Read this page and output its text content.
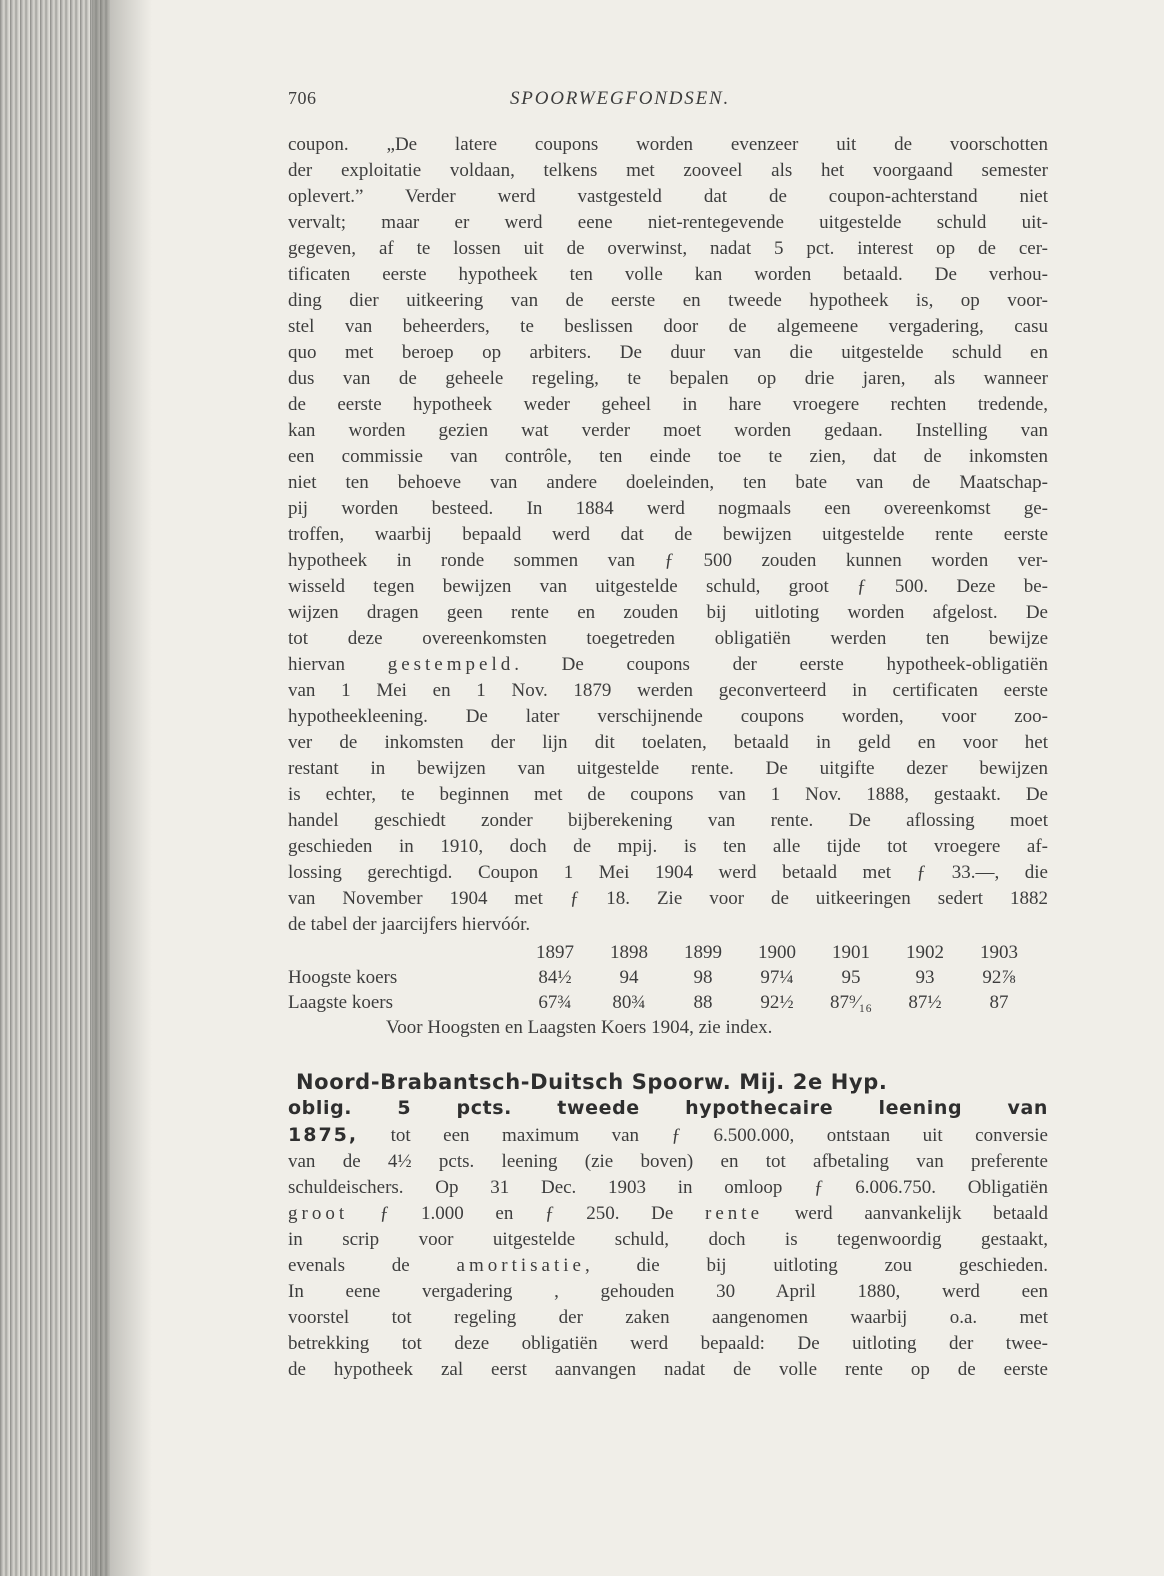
706	SPOORWEGFONDSEN.
coupon. „De latere coupons worden evenzeer uit de voorschotten
der exploitatie voldaan, telkens met zooveel als het voorgaand semester
oplevert.” Verder werd vastgesteld dat de coupon-achterstand niet
vervalt; maar er werd eene niet-rentegevende uitgestelde schuld uit-
gegeven, af te lossen uit de overwinst, nadat 5 pct. interest op de cer-
tificaten eerste hypotheek ten volle kan worden betaald. De verhou-
ding dier uitkeering van de eerste en tweede hypotheek is, op voor-
stel van beheerders, te beslissen door de algemeene vergadering, casu
quo met beroep op arbiters. De duur van die uitgestelde schuld en
dus van de geheele regeling, te bepalen op drie jaren, als wanneer
de eerste hypotheek weder geheel in hare vroegere rechten tredende,
kan worden gezien wat verder moet worden gedaan. Instelling van
een commissie van contrôle, ten einde toe te zien, dat de inkomsten
niet ten behoeve van andere doeleinden, ten bate van de Maatschap-
pij worden besteed. In 1884 werd nogmaals een overeenkomst ge-
troffen, waarbij bepaald werd dat de bewijzen uitgestelde rente eerste
hypotheek in ronde sommen van ƒ 500 zouden kunnen worden ver-
wisseld tegen bewijzen van uitgestelde schuld, groot ƒ 500. Deze be-
wijzen dragen geen rente en zouden bij uitloting worden afgelost. De
tot deze overeenkomsten toegetreden obligatiën werden ten bewijze
hiervan gestempeld. De coupons der eerste hypotheek-obligatiën
van 1 Mei en 1 Nov. 1879 werden geconverteerd in certificaten eerste
hypotheekleening. De later verschijnende coupons worden, voor zoo-
ver de inkomsten der lijn dit toelaten, betaald in geld en voor het
restant in bewijzen van uitgestelde rente. De uitgifte dezer bewijzen
is echter, te beginnen met de coupons van 1 Nov. 1888, gestaakt. De
handel geschiedt zonder bijberekening van rente. De aflossing moet
geschieden in 1910, doch de mpij. is ten alle tijde tot vroegere af-
lossing gerechtigd. Coupon 1 Mei 1904 werd betaald met ƒ 33.—, die
van November 1904 met ƒ 18. Zie voor de uitkeeringen sedert 1882
de tabel der jaarcijfers hiervóór.
	1897	1898	1899	1900	1901	1902	1903
Hoogste koers	84½	94	98	97¼	95	93	92⅞
Laagste koers	67¾	80¾	88	92½	87⁹⁄₁₆	87½	87
Voor Hoogsten en Laagsten Koers 1904, zie index.
Noord-Brabantsch-Duitsch Spoorw. Mij. 2e Hyp.
oblig. 5 pcts. tweede hypothecaire leening van
1875, tot een maximum van ƒ 6.500.000, ontstaan uit conversie
van de 4½ pcts. leening (zie boven) en tot afbetaling van preferente
schuldeischers. Op 31 Dec. 1903 in omloop ƒ 6.006.750. Obligatiën
groot ƒ 1.000 en ƒ 250. De rente werd aanvankelijk betaald
in scrip voor uitgestelde schuld, doch is tegenwoordig gestaakt,
evenals de amortisatie, die bij uitloting zou geschieden.
In eene vergadering , gehouden 30 April 1880, werd een
voorstel tot regeling der zaken aangenomen waarbij o.a. met
betrekking tot deze obligatiën werd bepaald: De uitloting der twee-
de hypotheek zal eerst aanvangen nadat de volle rente op de eerste
